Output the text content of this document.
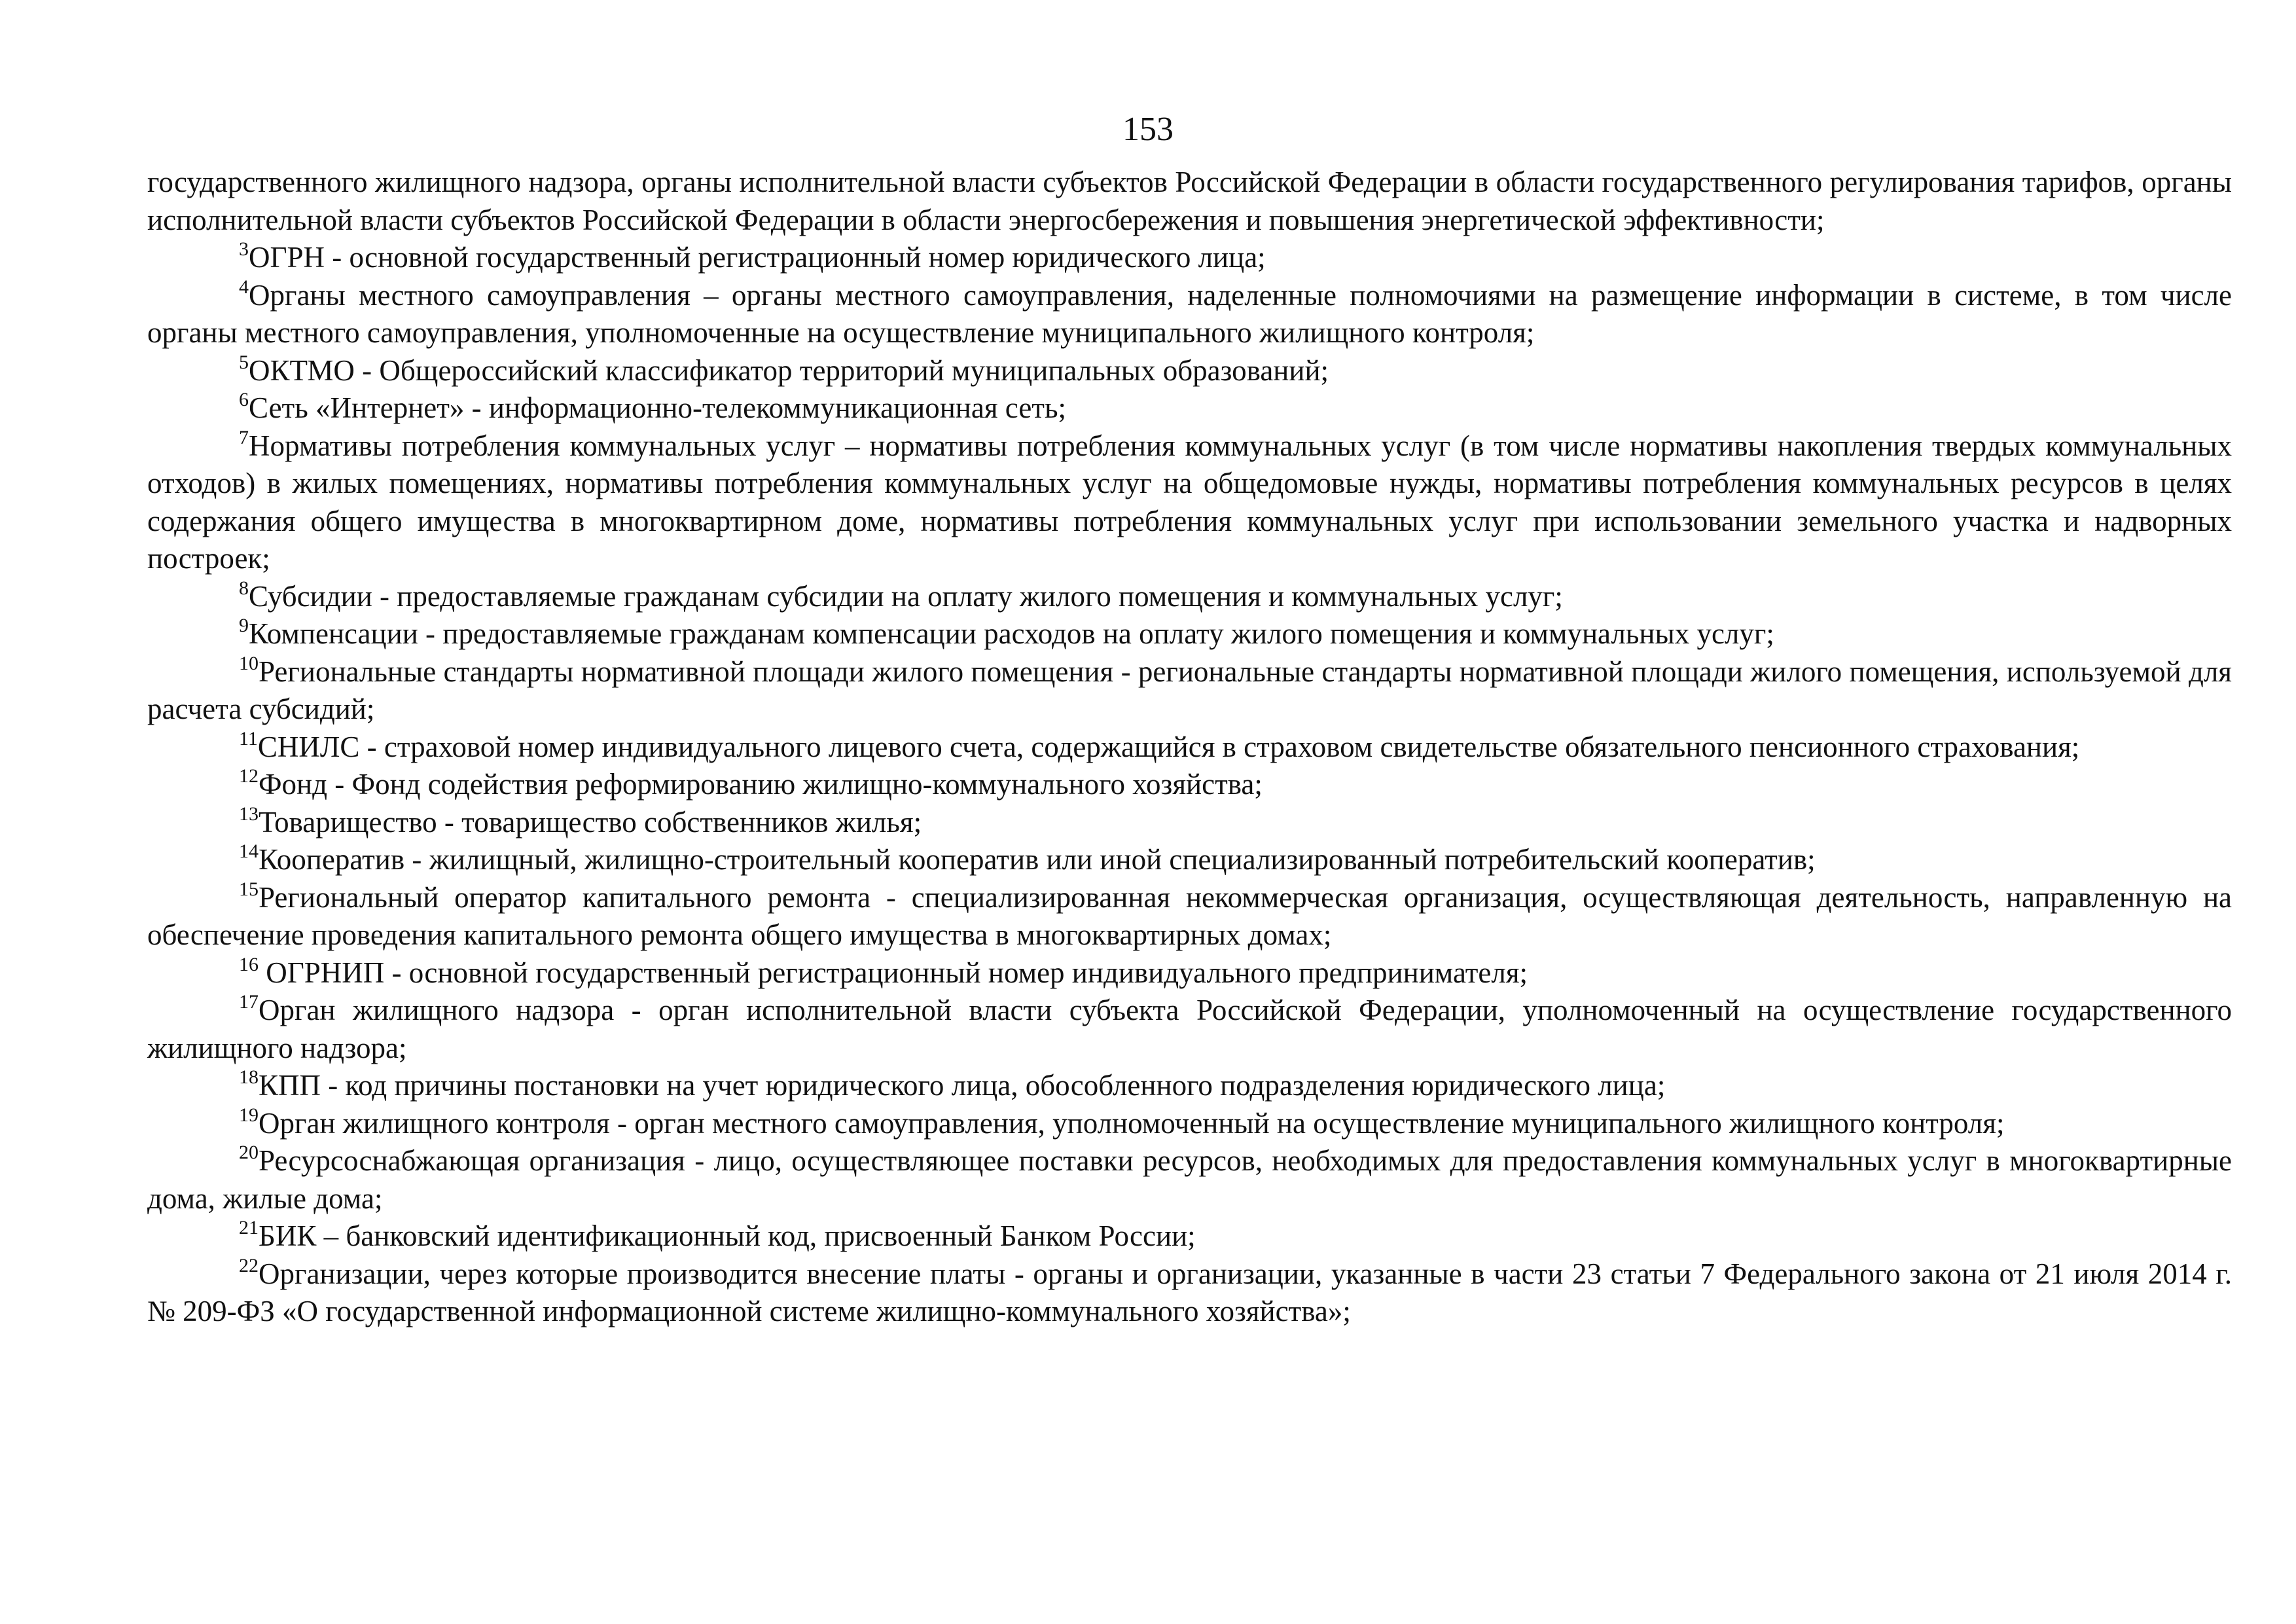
153

государственного жилищного надзора, органы исполнительной власти субъектов Российской Федерации в области государственного регулирования тарифов, органы исполнительной власти субъектов Российской Федерации в области энергосбережения и повышения энергетической эффективности;

$^3$ОГРН - основной государственный регистрационный номер юридического лица;

$^4$Органы местного самоуправления – органы местного самоуправления, наделенные полномочиями на размещение информации в системе, в том числе органы местного самоуправления, уполномоченные на осуществление муниципального жилищного контроля;

$^5$ОКТМО - Общероссийский классификатор территорий муниципальных образований;

$^6$Сеть «Интернет» - информационно-телекоммуникационная сеть;

$^7$Нормативы потребления коммунальных услуг – нормативы потребления коммунальных услуг (в том числе нормативы накопления твердых коммунальных отходов) в жилых помещениях, нормативы потребления коммунальных услуг на общедомовые нужды, нормативы потребления коммунальных ресурсов в целях содержания общего имущества в многоквартирном доме, нормативы потребления коммунальных услуг при использовании земельного участка и надворных построек;

$^8$Субсидии - предоставляемые гражданам субсидии на оплату жилого помещения и коммунальных услуг;

$^9$Компенсации - предоставляемые гражданам компенсации расходов на оплату жилого помещения и коммунальных услуг;

$^{10}$Региональные стандарты нормативной площади жилого помещения - региональные стандарты нормативной площади жилого помещения, используемой для расчета субсидий;

$^{11}$СНИЛС - страховой номер индивидуального лицевого счета, содержащийся в страховом свидетельстве обязательного пенсионного страхования;

$^{12}$Фонд - Фонд содействия реформированию жилищно-коммунального хозяйства;

$^{13}$Товарищество - товарищество собственников жилья;

$^{14}$Кооператив - жилищный, жилищно-строительный кооператив или иной специализированный потребительский кооператив;

$^{15}$Региональный оператор капитального ремонта - специализированная некоммерческая организация, осуществляющая деятельность, направленную на обеспечение проведения капитального ремонта общего имущества в многоквартирных домах;

$^{16}$ ОГРНИП - основной государственный регистрационный номер индивидуального предпринимателя;

$^{17}$Орган жилищного надзора - орган исполнительной власти субъекта Российской Федерации, уполномоченный на осуществление государственного жилищного надзора;

$^{18}$КПП - код причины постановки на учет юридического лица, обособленного подразделения юридического лица;

$^{19}$Орган жилищного контроля - орган местного самоуправления, уполномоченный на осуществление муниципального жилищного контроля;

$^{20}$Ресурсоснабжающая организация - лицо, осуществляющее поставки ресурсов, необходимых для предоставления коммунальных услуг в многоквартирные дома, жилые дома;

$^{21}$БИК – банковский идентификационный код, присвоенный Банком России;

$^{22}$Организации, через которые производится внесение платы - органы и организации, указанные в части 23 статьи 7 Федерального закона от 21 июля 2014 г. № 209-ФЗ «О государственной информационной системе жилищно-коммунального хозяйства»;
